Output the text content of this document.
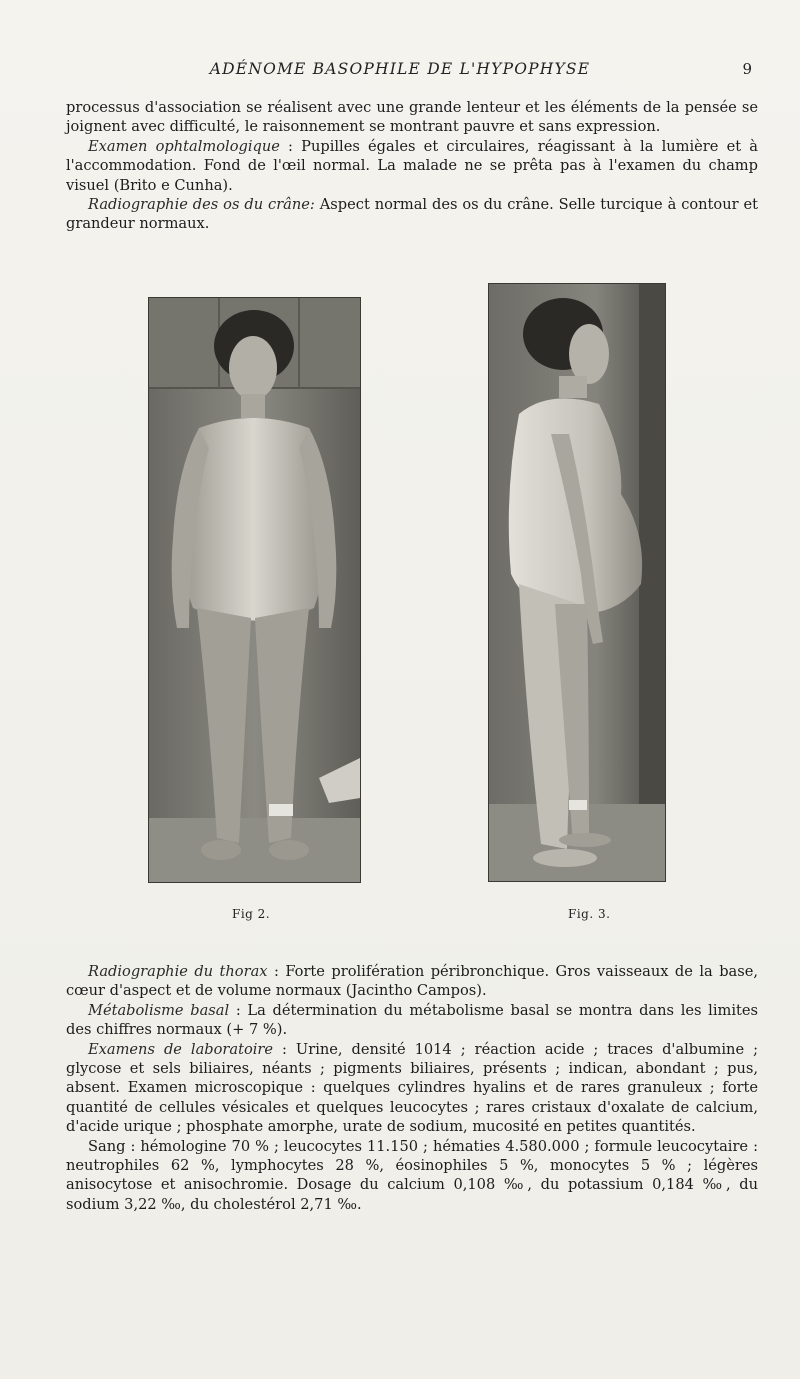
ADÉNOME BASOPHILE DE L'HYPOPHYSE	9

processus d'association se réalisent avec une grande lenteur et les éléments de la pensée se joignent avec difficulté, le raisonnement se montrant pauvre et sans expression.

Examen ophtalmologique : Pupilles égales et circulaires, réagissant à la lumière et à l'accommodation. Fond de l'œil normal. La malade ne se prêta pas à l'examen du champ visuel (Brito e Cunha).

Radiographie des os du crâne: Aspect normal des os du crâne. Selle turcique à contour et grandeur normaux.

Fig 2.	Fig. 3.

Radiographie du thorax : Forte prolifération péribronchique. Gros vaisseaux de la base, cœur d'aspect et de volume normaux (Jacintho Campos).

Métabolisme basal : La détermination du métabolisme basal se montra dans les limites des chiffres normaux (+ 7 %).

Examens de laboratoire : Urine, densité 1014 ; réaction acide ; traces d'albumine ; glycose et sels biliaires, néants ; pigments biliaires, présents ; indican, abondant ; pus, absent. Examen microscopique : quelques cylindres hyalins et de rares granuleux ; forte quantité de cellules vésicales et quelques leucocytes ; rares cristaux d'oxalate de calcium, d'acide urique ; phosphate amorphe, urate de sodium, mucosité en petites quantités.

Sang : hémologine 70 % ; leucocytes 11.150 ; hématies 4.580.000 ; formule leucocytaire : neutrophiles 62 %, lymphocytes 28 %, éosinophiles 5 %, monocytes 5 % ; légères anisocytose et anisochromie. Dosage du calcium 0,108 ‰, du potassium 0,184 ‰, du sodium 3,22 ‰, du cholestérol 2,71 ‰.
